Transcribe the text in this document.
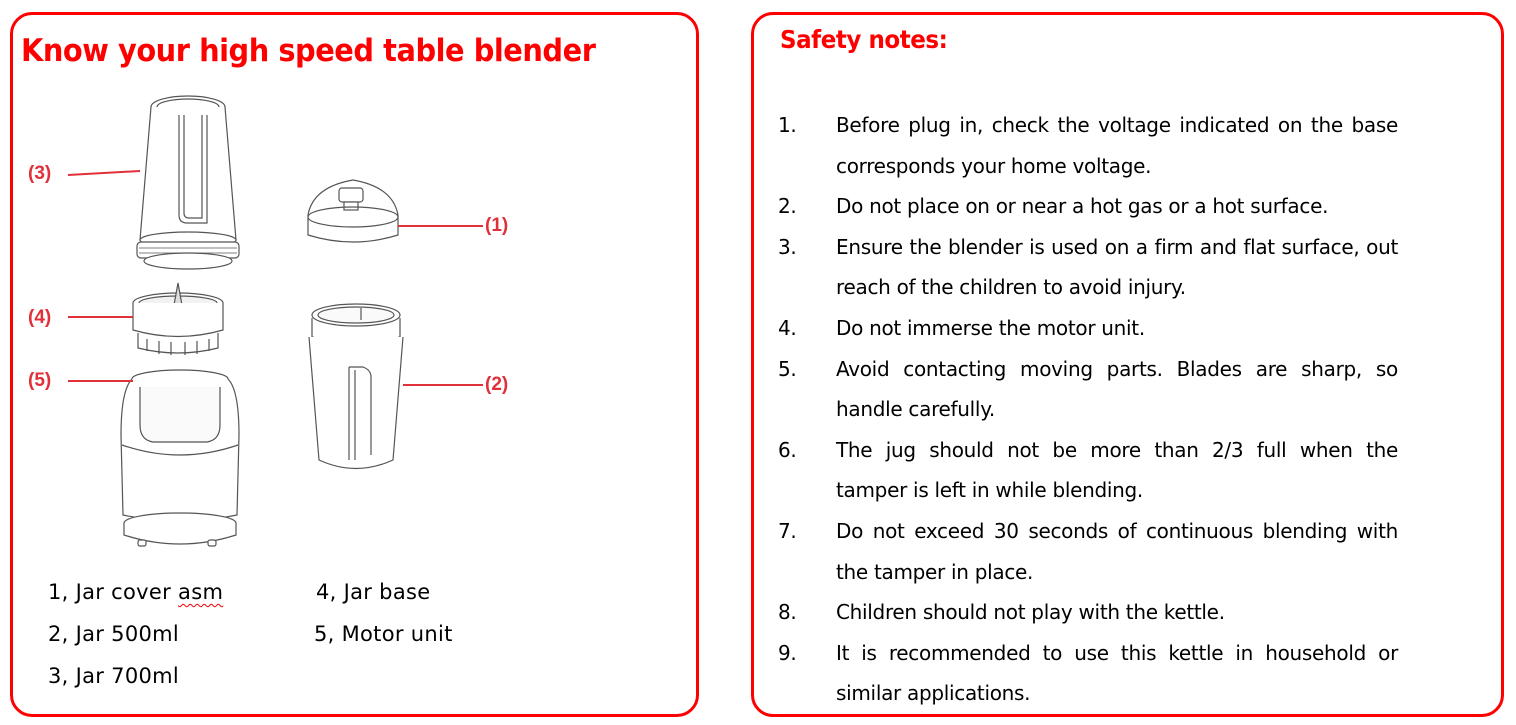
Know your high speed table blender
(3)
(4)
(5)
(1)
(2)
1, Jar cover asm
2, Jar 500ml
3, Jar 700ml
4, Jar base
5, Motor unit
Safety notes:
1.	Before plug in, check the voltage indicated on the base corresponds your home voltage.
2.	Do not place on or near a hot gas or a hot surface.
3.	Ensure the blender is used on a firm and flat surface, out reach of the children to avoid injury.
4.	Do not immerse the motor unit.
5.	Avoid contacting moving parts. Blades are sharp, so handle carefully.
6.	The jug should not be more than 2/3 full when the tamper is left in while blending.
7.	Do not exceed 30 seconds of continuous blending with the tamper in place.
8.	Children should not play with the kettle.
9.	It is recommended to use this kettle in household or similar applications.
